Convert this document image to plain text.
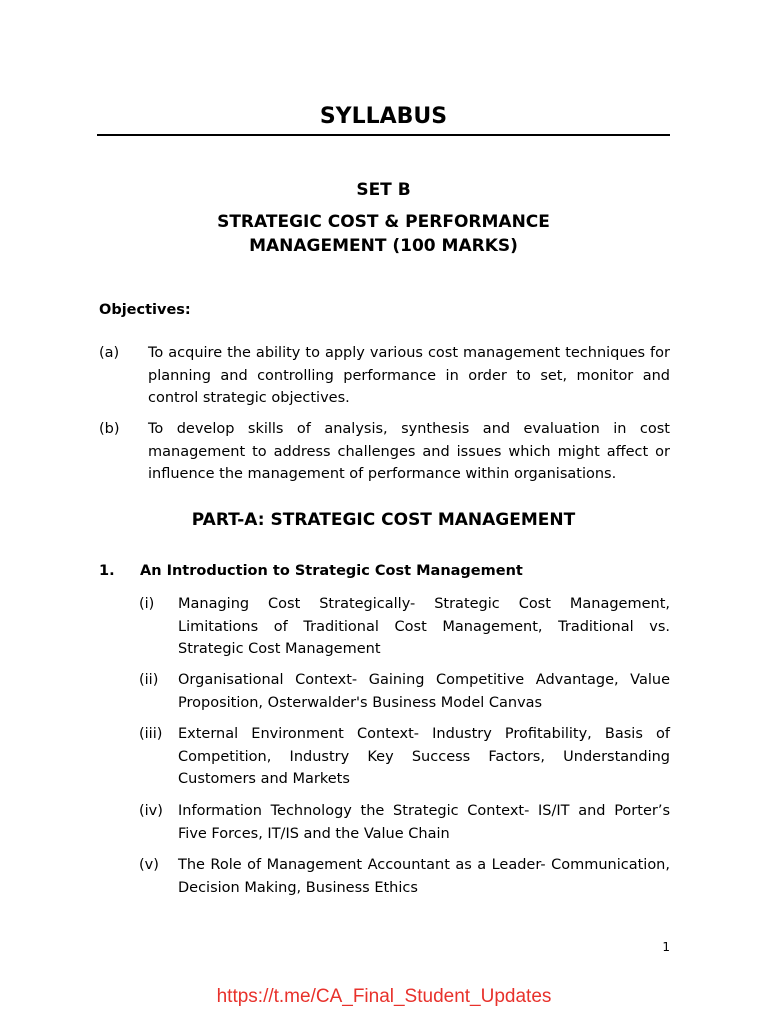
SYLLABUS
SET B
STRATEGIC COST & PERFORMANCE
MANAGEMENT (100 MARKS)
Objectives:
(a) To acquire the ability to apply various cost management techniques for planning and controlling performance in order to set, monitor and control strategic objectives.
(b) To develop skills of analysis, synthesis and evaluation in cost management to address challenges and issues which might affect or influence the management of performance within organisations.
PART-A: STRATEGIC COST MANAGEMENT
1. An Introduction to Strategic Cost Management
(i) Managing Cost Strategically- Strategic Cost Management, Limitations of Traditional Cost Management, Traditional vs. Strategic Cost Management
(ii) Organisational Context- Gaining Competitive Advantage, Value Proposition, Osterwalder's Business Model Canvas
(iii) External Environment Context- Industry Profitability, Basis of Competition, Industry Key Success Factors, Understanding Customers and Markets
(iv) Information Technology the Strategic Context- IS/IT and Porter’s Five Forces, IT/IS and the Value Chain
(v) The Role of Management Accountant as a Leader- Communication, Decision Making, Business Ethics
1
https://t.me/CA_Final_Student_Updates
